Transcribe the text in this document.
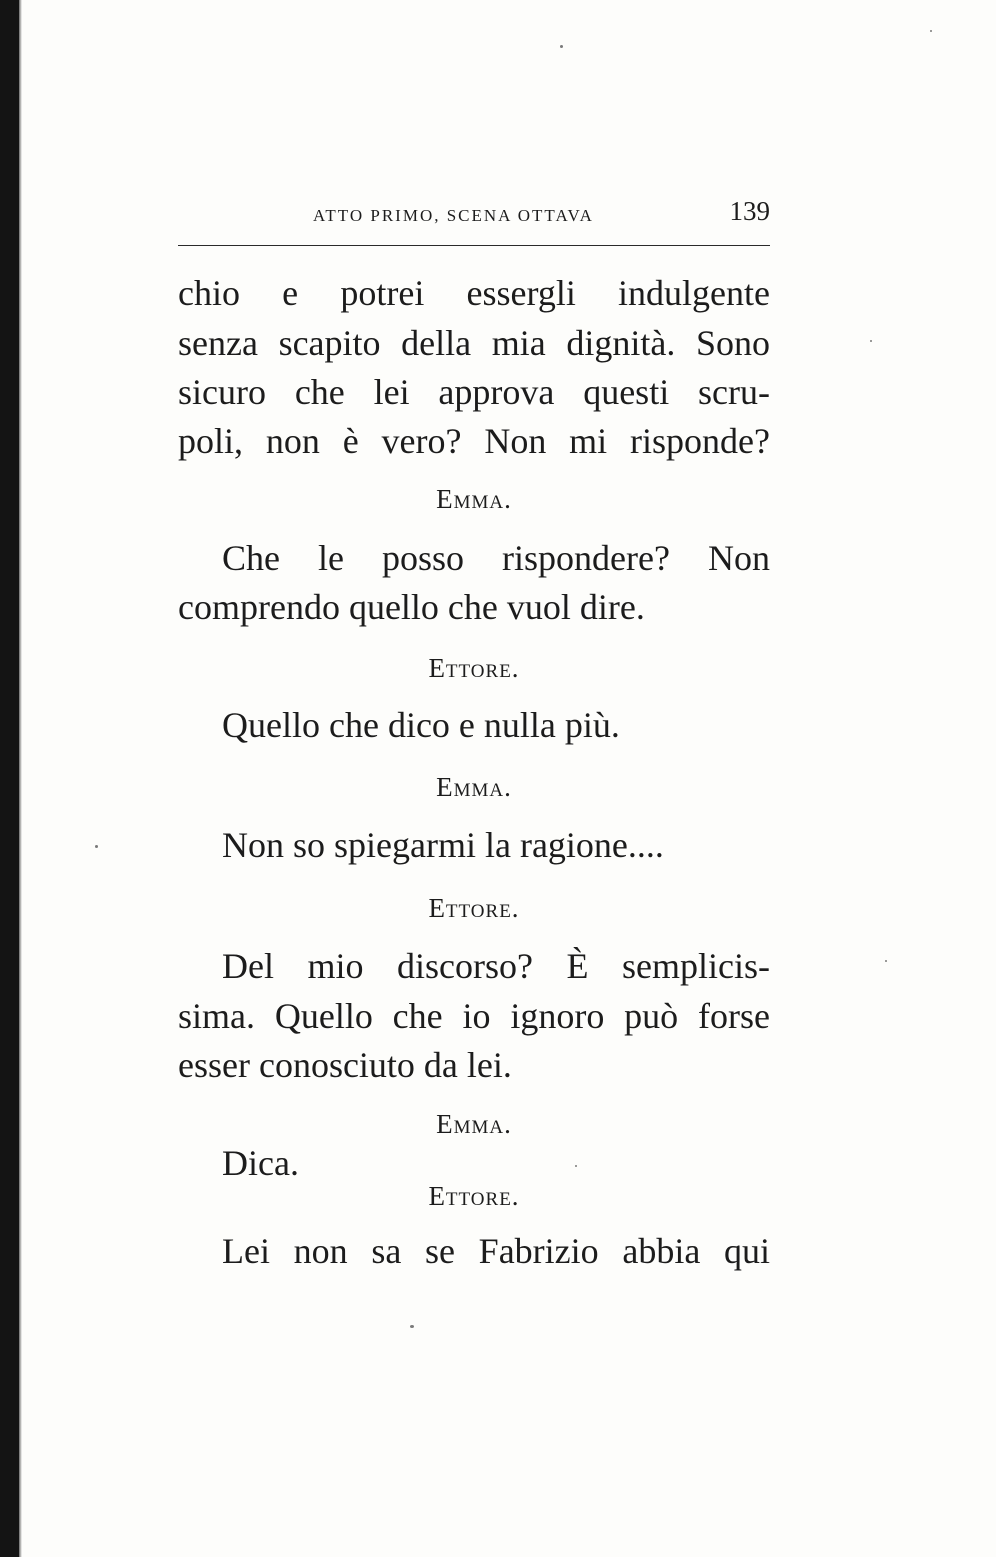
ATTO PRIMO, SCENA OTTAVA	139
chio e potrei essergli indulgente
senza scapito della mia dignità. Sono
sicuro che lei approva questi scru-
poli, non è vero? Non mi risponde?
Emma.
Che le posso rispondere? Non
comprendo quello che vuol dire.
Ettore.
Quello che dico e nulla più.
Emma.
Non so spiegarmi la ragione....
Ettore.
Del mio discorso? È semplicis-
sima. Quello che io ignoro può forse
esser conosciuto da lei.
Emma.
Dica.
Ettore.
Lei non sa se Fabrizio abbia qui
